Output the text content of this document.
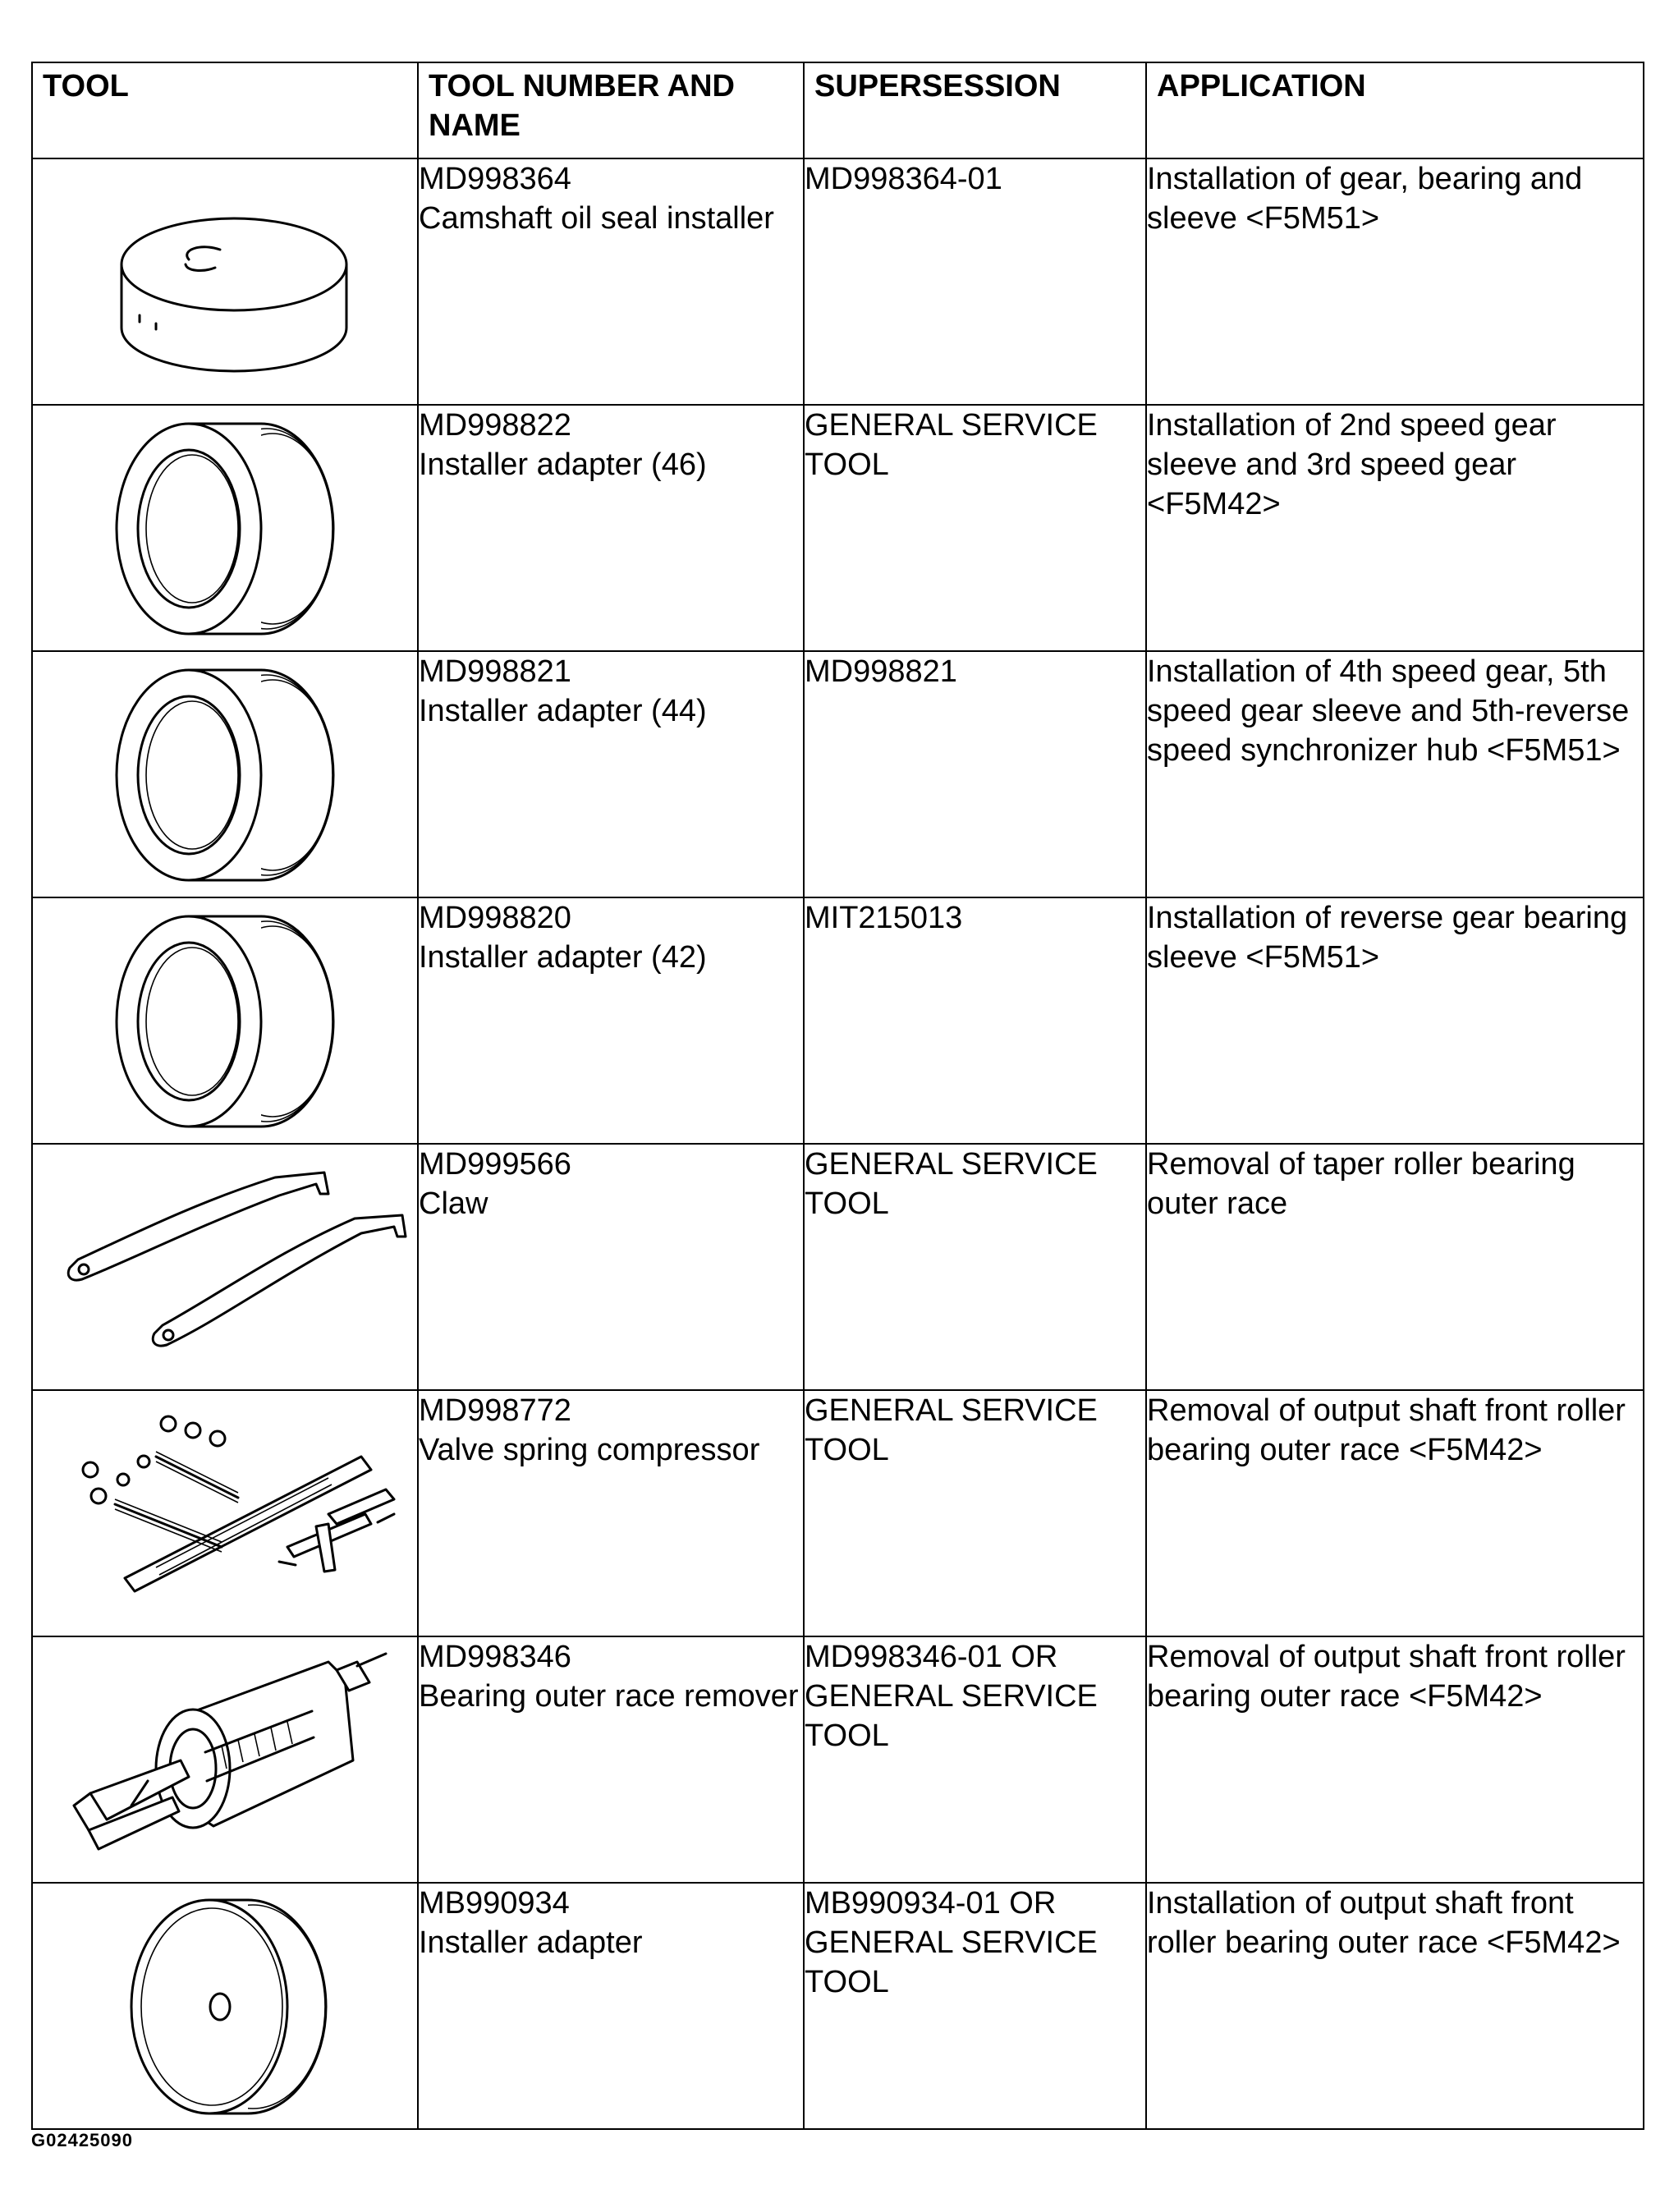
TOOL	TOOL NUMBER AND NAME	SUPERSESSION	APPLICATION

MD998364
Camshaft oil seal installer	MD998364-01	Installation of gear, bearing and sleeve <F5M51>

MD998822
Installer adapter (46)	GENERAL SERVICE TOOL	Installation of 2nd speed gear sleeve and 3rd speed gear <F5M42>

MD998821
Installer adapter (44)	MD998821	Installation of 4th speed gear, 5th speed gear sleeve and 5th-reverse speed synchronizer hub <F5M51>

MD998820
Installer adapter (42)	MIT215013	Installation of reverse gear bearing sleeve <F5M51>

MD999566
Claw	GENERAL SERVICE TOOL	Removal of taper roller bearing outer race

MD998772
Valve spring compressor	GENERAL SERVICE TOOL	Removal of output shaft front roller bearing outer race <F5M42>

MD998346
Bearing outer race remover	MD998346-01 OR GENERAL SERVICE TOOL	Removal of output shaft front roller bearing outer race <F5M42>

MB990934
Installer adapter	MB990934-01 OR GENERAL SERVICE TOOL	Installation of output shaft front roller bearing outer race <F5M42>
G02425090
